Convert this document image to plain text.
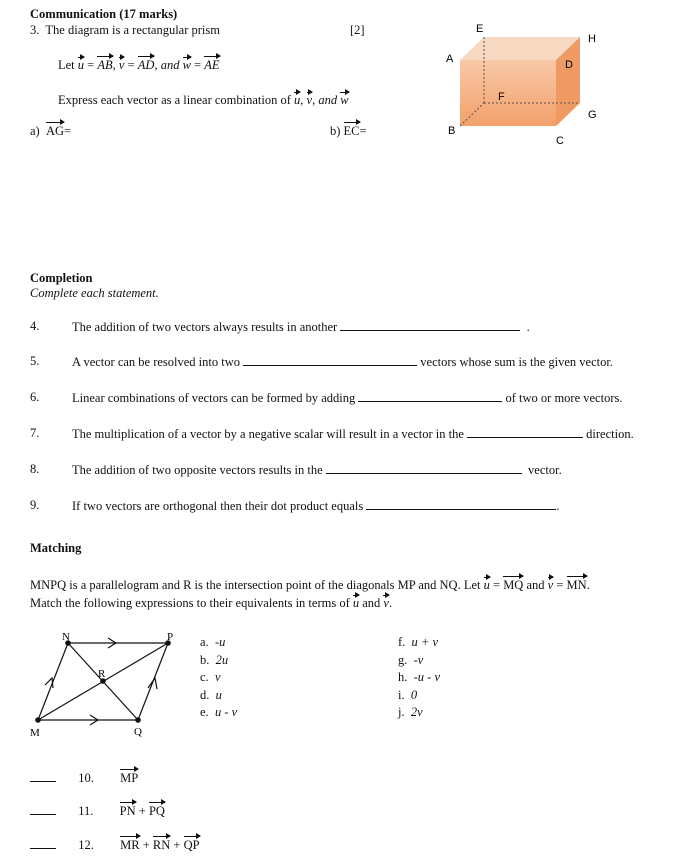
Communication (17 marks)
3. The diagram is a rectangular prism	[2]
Let u = AB, v = AD, and w = AE
Express each vector as a linear combination of u, v, and w
a) AG=	b) EC=
E
H
A	D
F
G
B
C
Completion
Complete each statement.
4.	The addition of two vectors always results in another	.
5.	A vector can be resolved into two	vectors whose sum is the given vector.
6.	Linear combinations of vectors can be formed by adding	of two or more vectors.
7.	The multiplication of a vector by a negative scalar will result in a vector in the	direction.
8.	The addition of two opposite vectors results in the	vector.
9.	If two vectors are orthogonal then their dot product equals	.
Matching
MNPQ is a parallelogram and R is the intersection point of the diagonals MP and NQ. Let u = MQ and v = MN.
Match the following expressions to their equivalents in terms of u and v.
N	P
R
M	Q
a. -u
b. 2u
c. v
d. u
e. u - v
f. u + v
g. -v
h. -u - v
i. 0
j. 2v
10. MP
11. PN + PQ
12. MR + RN + QP
